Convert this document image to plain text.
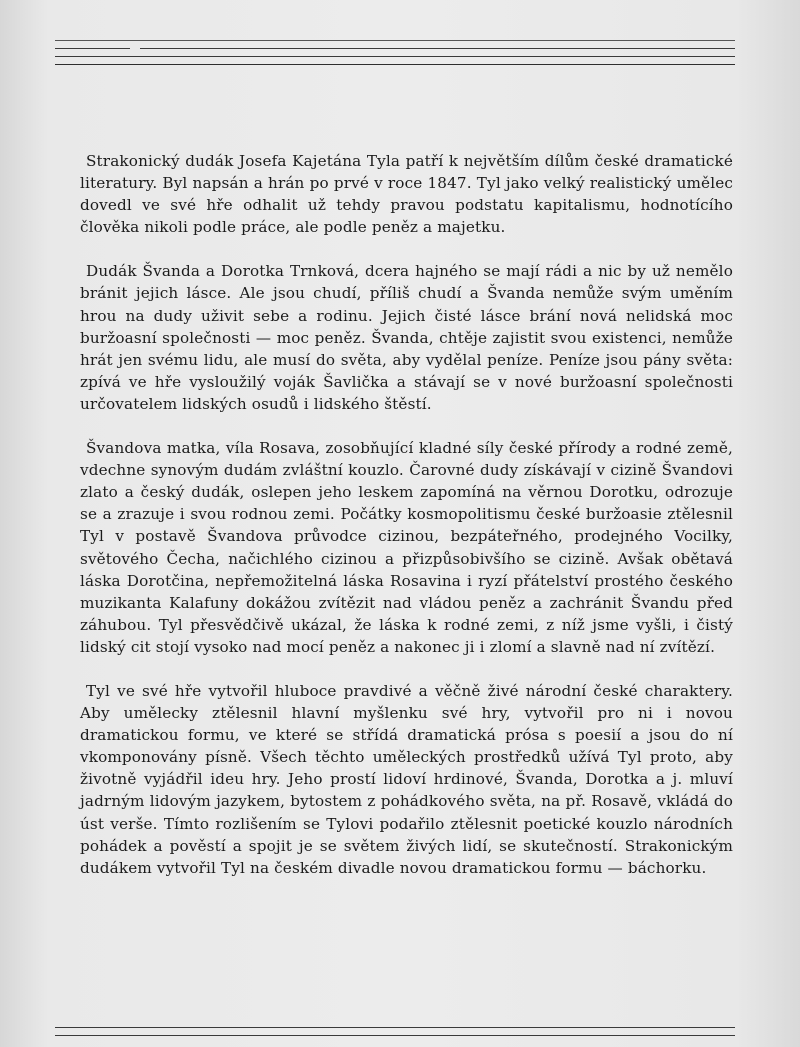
Strakonický dudák Josefa Kajetána Tyla patří k největším dílům české dramatické literatury. Byl napsán a hrán po prvé v roce 1847. Tyl jako velký realistický umělec dovedl ve své hře odhalit už tehdy pravou podstatu kapitalismu, hodnotícího člověka nikoli podle práce, ale podle peněz a majetku.

Dudák Švanda a Dorotka Trnková, dcera hajného se mají rádi a nic by už nemělo bránit jejich lásce. Ale jsou chudí, příliš chudí a Švanda nemůže svým uměním hrou na dudy uživit sebe a rodinu. Jejich čisté lásce brání nová nelidská moc buržoasní společnosti — moc peněz. Švanda, chtěje zajistit svou existenci, nemůže hrát jen svému lidu, ale musí do světa, aby vydělal peníze. Peníze jsou pány světa: zpívá ve hře vysloužilý voják Šavlička a stávají se v nové buržoasní společnosti určovatelem lidských osudů i lidského štěstí.

Švandova matka, víla Rosava, zosobňující kladné síly české přírody a rodné země, vdechne synovým dudám zvláštní kouzlo. Čarovné dudy získávají v cizině Švandovi zlato a český dudák, oslepen jeho leskem zapomíná na věrnou Dorotku, odrozuje se a zrazuje i svou rodnou zemi. Počátky kosmopolitismu české buržoasie ztělesnil Tyl v postavě Švandova průvodce cizinou, bezpáteřného, prodejného Vocilky, světového Čecha, načichlého cizinou a přizpůsobivšího se cizině. Avšak obětavá láska Dorotčina, nepřemožitelná láska Rosavina i ryzí přátelství prostého českého muzikanta Kalafuny dokážou zvítězit nad vládou peněz a zachránit Švandu před záhubou. Tyl přesvědčivě ukázal, že láska k rodné zemi, z níž jsme vyšli, i čistý lidský cit stojí vysoko nad mocí peněz a nakonec ji i zlomí a slavně nad ní zvítězí.

Tyl ve své hře vytvořil hluboce pravdivé a věčně živé národní české charaktery. Aby umělecky ztělesnil hlavní myšlenku své hry, vytvořil pro ni i novou dramatickou formu, ve které se střídá dramatická prósa s poesií a jsou do ní vkomponovány písně. Všech těchto uměleckých prostředků užívá Tyl proto, aby životně vyjádřil ideu hry. Jeho prostí lidoví hrdinové, Švanda, Dorotka a j. mluví jadrným lidovým jazykem, bytostem z pohádkového světa, na př. Rosavě, vkládá do úst verše. Tímto rozlišením se Tylovi podařilo ztělesnit poetické kouzlo národních pohádek a pověstí a spojit je se světem živých lidí, se skutečností. Strakonickým dudákem vytvořil Tyl na českém divadle novou dramatickou formu — báchorku.
